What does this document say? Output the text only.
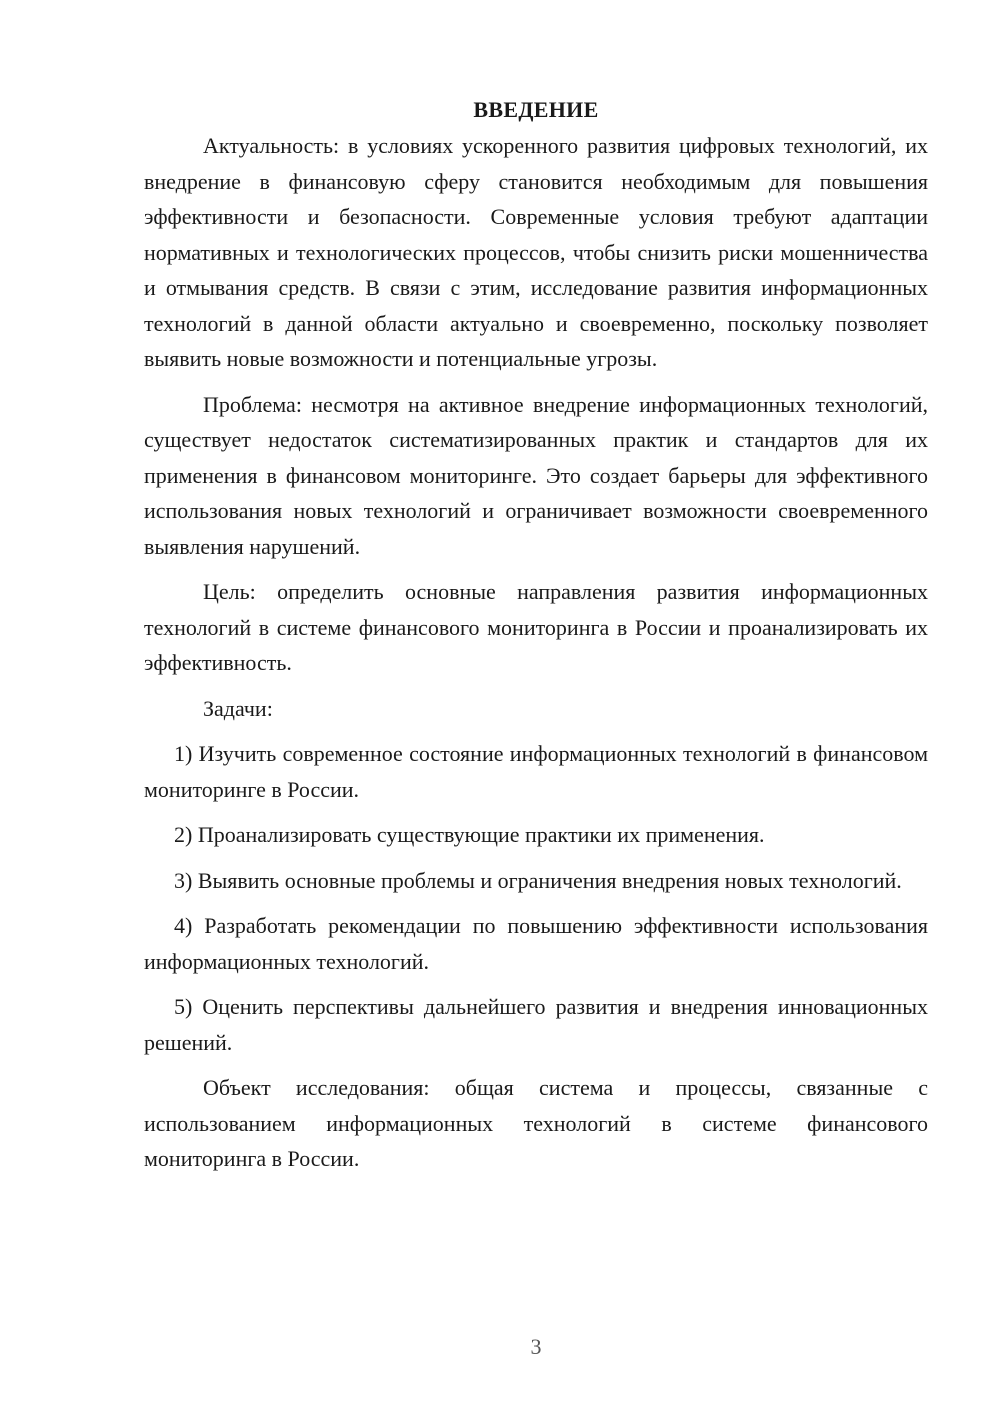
ВВЕДЕНИЕ

Актуальность: в условиях ускоренного развития цифровых технологий, их внедрение в финансовую сферу становится необходимым для повышения эффективности и безопасности. Современные условия требуют адаптации нормативных и технологических процессов, чтобы снизить риски мошенничества и отмывания средств. В связи с этим, исследование развития информационных технологий в данной области актуально и своевременно, поскольку позволяет выявить новые возможности и потенциальные угрозы.

Проблема: несмотря на активное внедрение информационных технологий, существует недостаток систематизированных практик и стандартов для их применения в финансовом мониторинге. Это создает барьеры для эффективного использования новых технологий и ограничивает возможности своевременного выявления нарушений.

Цель: определить основные направления развития информационных технологий в системе финансового мониторинга в России и проанализировать их эффективность.

Задачи:

1) Изучить современное состояние информационных технологий в финансовом мониторинге в России.

2) Проанализировать существующие практики их применения.

3) Выявить основные проблемы и ограничения внедрения новых технологий.

4) Разработать рекомендации по повышению эффективности использования информационных технологий.

5) Оценить перспективы дальнейшего развития и внедрения инновационных решений.

Объект исследования: общая система и процессы, связанные с использованием информационных технологий в системе финансового мониторинга в России.

3
